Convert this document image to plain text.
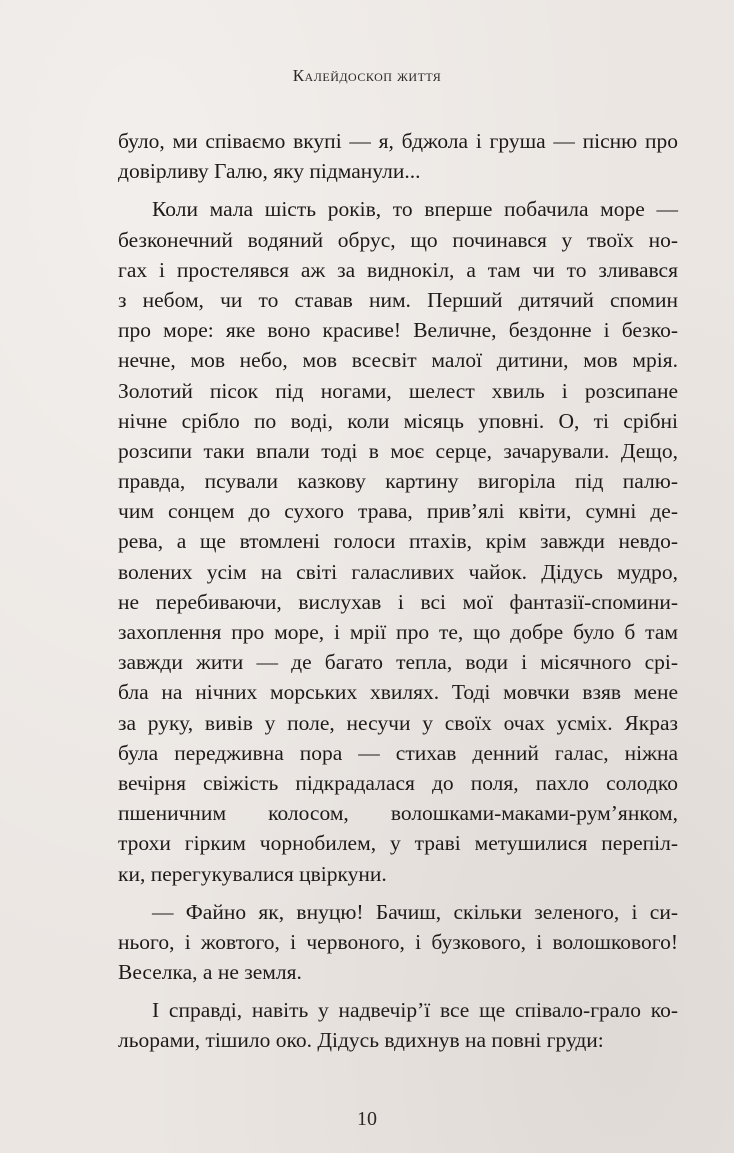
Калейдоскоп життя
було, ми співаємо вкупі — я, бджола і груша — пісню про
довірливу Галю, яку підманули...
Коли мала шість років, то вперше побачила море —
безконечний водяний обрус, що починався у твоїх но-
гах і простелявся аж за виднокіл, а там чи то зливався
з небом, чи то ставав ним. Перший дитячий спомин
про море: яке воно красиве! Величне, бездонне і безко-
нечне, мов небо, мов всесвіт малої дитини, мов мрія.
Золотий пісок під ногами, шелест хвиль і розсипане
нічне срібло по воді, коли місяць уповні. О, ті срібні
розсипи таки впали тоді в моє серце, зачарували. Дещо,
правда, псували казкову картину вигоріла під палю-
чим сонцем до сухого трава, прив’ялі квіти, сумні де-
рева, а ще втомлені голоси птахів, крім завжди невдо-
волених усім на світі галасливих чайок. Дідусь мудро,
не перебиваючи, вислухав і всі мої фантазії-спомини-
захоплення про море, і мрії про те, що добре було б там
завжди жити — де багато тепла, води і місячного срі-
бла на нічних морських хвилях. Тоді мовчки взяв мене
за руку, вивів у поле, несучи у своїх очах усміх. Якраз
була передживна пора — стихав денний галас, ніжна
вечірня свіжість підкрадалася до поля, пахло солодко
пшеничним колосом, волошками-маками-рум’янком,
трохи гірким чорнобилем, у траві метушилися перепіл-
ки, перегукувалися цвіркуни.
— Файно як, внуцю! Бачиш, скільки зеленого, і си-
нього, і жовтого, і червоного, і бузкового, і волошкового!
Веселка, а не земля.
І справді, навіть у надвечір’ї все ще співало-грало ко-
льорами, тішило око. Дідусь вдихнув на повні груди:
10
